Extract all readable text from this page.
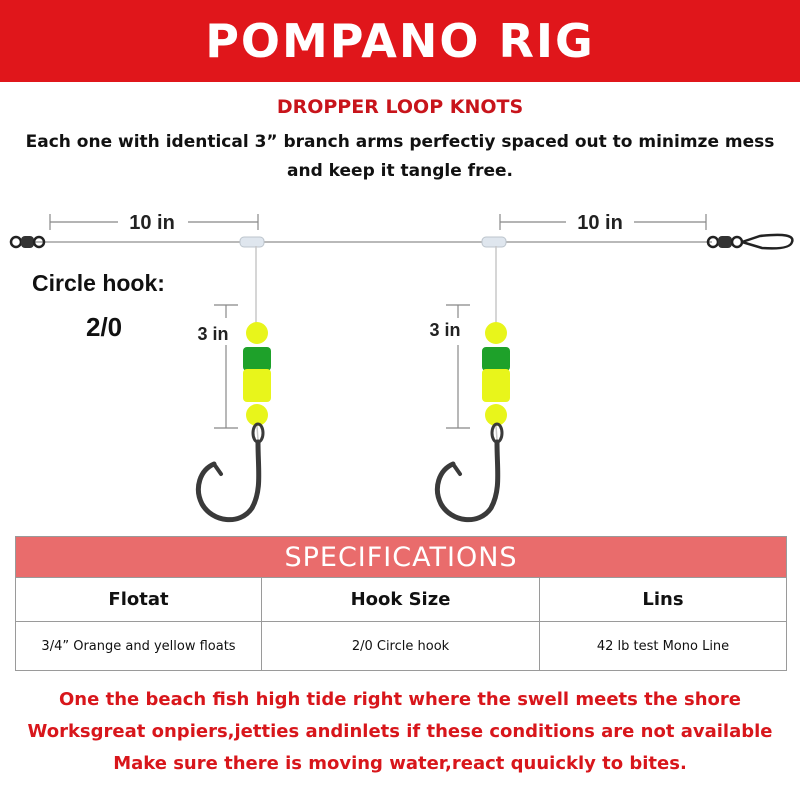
POMPANO RIG
DROPPER LOOP KNOTS
Each one with identical 3” branch arms perfectiy spaced out to minimze mess
and keep it tangle free.
10 in	10 in
3 in	3 in
Circle hook:
2/0
SPECIFICATIONS
Flotat	Hook Size	Lins
3/4” Orange and yellow floats	2/0 Circle hook	42 lb test Mono Line
One the beach fish high tide right where the swell meets the shore
Worksgreat onpiers,jetties andinlets if these conditions are not available
Make sure there is moving water,react quuickly to bites.
